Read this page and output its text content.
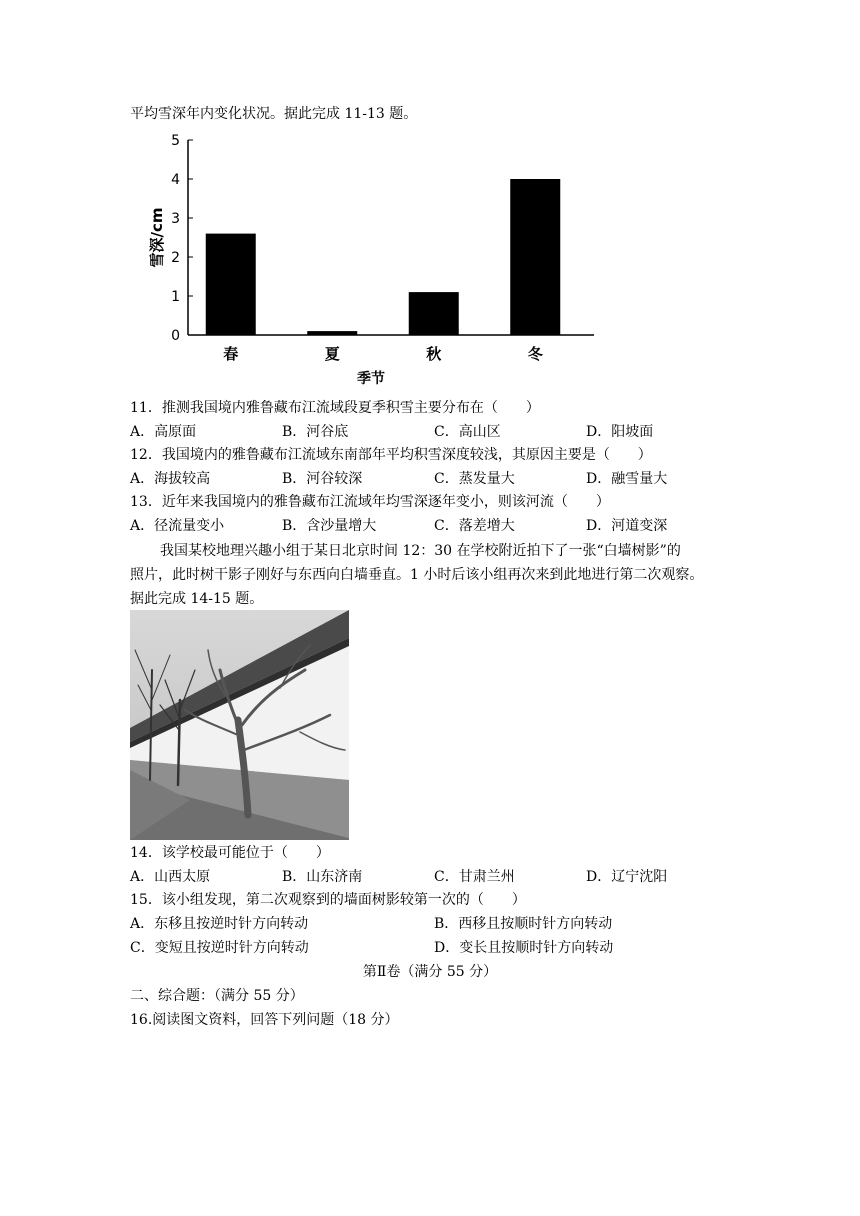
平均雪深年内变化状况。据此完成 11-13 题。
0
1
2
3
4
5
春	夏	秋	冬
雪深/cm
季节
11．推测我国境内雅鲁藏布江流域段夏季积雪主要分布在（　　）
A．高原面	B．河谷底	C．高山区	D．阳坡面
12．我国境内的雅鲁藏布江流域东南部年平均积雪深度较浅，其原因主要是（　　）
A．海拔较高	B．河谷较深	C．蒸发量大	D．融雪量大
13．近年来我国境内的雅鲁藏布江流域年均雪深逐年变小，则该河流（　　）
A．径流量变小	B．含沙量增大	C．落差增大	D．河道变深
我国某校地理兴趣小组于某日北京时间 12：30 在学校附近拍下了一张“白墙树影”的
照片，此时树干影子刚好与东西向白墙垂直。1 小时后该小组再次来到此地进行第二次观察。
据此完成 14-15 题。
14．该学校最可能位于（　　）
A．山西太原	B．山东济南	C．甘肃兰州	D．辽宁沈阳
15．该小组发现，第二次观察到的墙面树影较第一次的（　　）
A．东移且按逆时针方向转动	B．西移且按顺时针方向转动
C．变短且按逆时针方向转动	D．变长且按顺时针方向转动
第Ⅱ卷（满分 55 分）
二、综合题：（满分 55 分）
16.阅读图文资料，回答下列问题（18 分）
